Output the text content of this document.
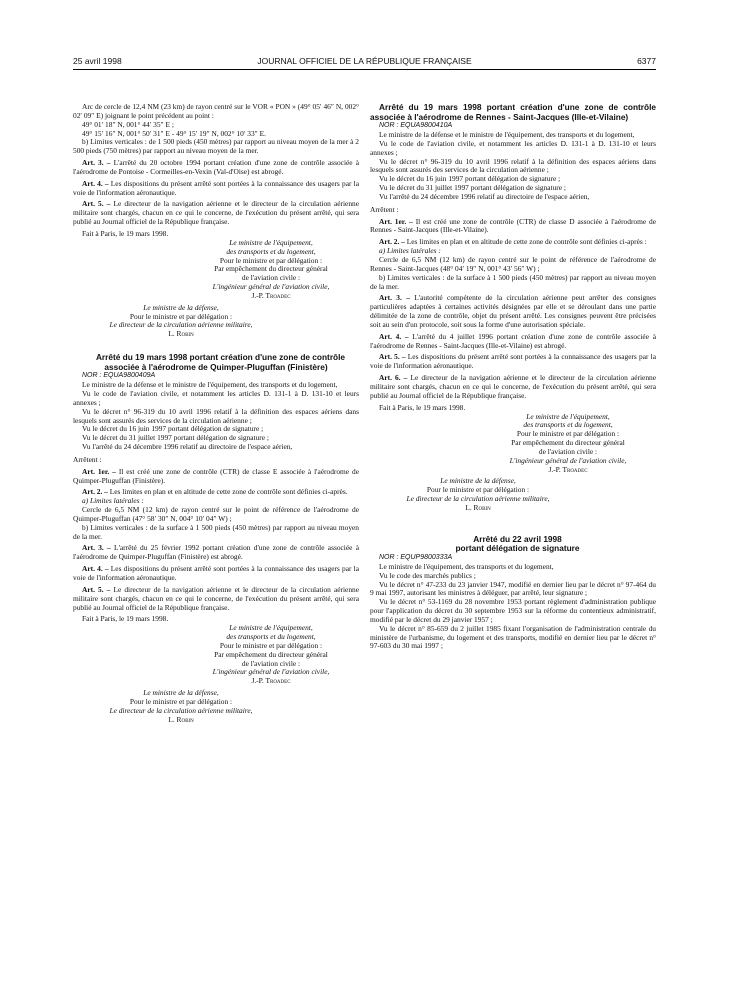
25 avril 1998	JOURNAL OFFICIEL DE LA RÉPUBLIQUE FRANÇAISE	6377

Arc de cercle de 12,4 NM (23 km) de rayon centré sur le VOR « PON » (49° 05′ 46″ N, 002° 02′ 09″ E) joignant le point précédent au point :

49° 01′ 18″ N, 001° 44′ 35″ E ;

49° 15′ 16″ N, 001° 50′ 31″ E - 49° 15′ 19″ N, 002° 10′ 33″ E.

b) Limites verticales : de 1 500 pieds (450 mètres) par rapport au niveau moyen de la mer à 2 500 pieds (750 mètres) par rapport au niveau moyen de la mer.

Art. 3. – L'arrêté du 20 octobre 1994 portant création d'une zone de contrôle associée à l'aérodrome de Pontoise - Cormeilles-en-Vexin (Val-d'Oise) est abrogé.

Art. 4. – Les dispositions du présent arrêté sont portées à la connaissance des usagers par la voie de l'information aéronautique.

Art. 5. – Le directeur de la navigation aérienne et le directeur de la circulation aérienne militaire sont chargés, chacun en ce qui le concerne, de l'exécution du présent arrêté, qui sera publié au Journal officiel de la République française.

Fait à Paris, le 19 mars 1998.

Le ministre de l'équipement,

des transports et du logement,

Pour le ministre et par délégation :

Par empêchement du directeur général

de l'aviation civile :

L'ingénieur général de l'aviation civile,

J.-P. Troadec

Le ministre de la défense,

Pour le ministre et par délégation :

Le directeur de la circulation aérienne militaire,

L. Robin

Arrêté du 19 mars 1998 portant création d'une zone de contrôle associée à l'aérodrome de Quimper-Pluguffan (Finistère)

NOR : EQUA9800409A

Le ministre de la défense et le ministre de l'équipement, des transports et du logement,

Vu le code de l'aviation civile, et notamment les articles D. 131-1 à D. 131-10 et leurs annexes ;

Vu le décret n° 96-319 du 10 avril 1996 relatif à la définition des espaces aériens dans lesquels sont assurés des services de la circulation aérienne ;

Vu le décret du 16 juin 1997 portant délégation de signature ;

Vu le décret du 31 juillet 1997 portant délégation de signature ;

Vu l'arrêté du 24 décembre 1996 relatif au directoire de l'espace aérien,

Arrêtent :

Art. 1er. – Il est créé une zone de contrôle (CTR) de classe E associée à l'aérodrome de Quimper-Pluguffan (Finistère).

Art. 2. – Les limites en plan et en altitude de cette zone de contrôle sont définies ci-après.

a) Limites latérales :

Cercle de 6,5 NM (12 km) de rayon centré sur le point de référence de l'aérodrome de Quimper-Pluguffan (47° 58′ 30″ N, 004° 10′ 04″ W) ;

b) Limites verticales : de la surface à 1 500 pieds (450 mètres) par rapport au niveau moyen de la mer.

Art. 3. – L'arrêté du 25 février 1992 portant création d'une zone de contrôle associée à l'aérodrome de Quimper-Pluguffan (Finistère) est abrogé.

Art. 4. – Les dispositions du présent arrêté sont portées à la connaissance des usagers par la voie de l'information aéronautique.

Art. 5. – Le directeur de la navigation aérienne et le directeur de la circulation aérienne militaire sont chargés, chacun en ce qui le concerne, de l'exécution du présent arrêté, qui sera publié au Journal officiel de la République française.

Fait à Paris, le 19 mars 1998.

Le ministre de l'équipement,

des transports et du logement,

Pour le ministre et par délégation :

Par empêchement du directeur général

de l'aviation civile :

L'ingénieur général de l'aviation civile,

J.-P. Troadec

Le ministre de la défense,

Pour le ministre et par délégation :

Le directeur de la circulation aérienne militaire,

L. Robin

Arrêté du 19 mars 1998 portant création d'une zone de contrôle associée à l'aérodrome de Rennes - Saint-Jacques (Ille-et-Vilaine)

NOR : EQUA9800410A

Le ministre de la défense et le ministre de l'équipement, des transports et du logement,

Vu le code de l'aviation civile, et notamment les articles D. 131-1 à D. 131-10 et leurs annexes ;

Vu le décret n° 96-319 du 10 avril 1996 relatif à la définition des espaces aériens dans lesquels sont assurés des services de la circulation aérienne ;

Vu le décret du 16 juin 1997 portant délégation de signature ;

Vu le décret du 31 juillet 1997 portant délégation de signature ;

Vu l'arrêté du 24 décembre 1996 relatif au directoire de l'espace aérien,

Arrêtent :

Art. 1er. – Il est créé une zone de contrôle (CTR) de classe D associée à l'aérodrome de Rennes - Saint-Jacques (Ille-et-Vilaine).

Art. 2. – Les limites en plan et en altitude de cette zone de contrôle sont définies ci-après :

a) Limites latérales :

Cercle de 6,5 NM (12 km) de rayon centré sur le point de référence de l'aérodrome de Rennes - Saint-Jacques (48° 04′ 19″ N, 001° 43′ 56″ W) ;

b) Limites verticales : de la surface à 1 500 pieds (450 mètres) par rapport au niveau moyen de la mer.

Art. 3. – L'autorité compétente de la circulation aérienne peut arrêter des consignes particulières adaptées à certaines activités désignées par elle et se déroulant dans une partie délimitée de la zone de contrôle, objet du présent arrêté. Les consignes peuvent être précisées soit au sein d'un protocole, soit sous la forme d'une autorisation spéciale.

Art. 4. – L'arrêté du 4 juillet 1996 portant création d'une zone de contrôle associée à l'aérodrome de Rennes - Saint-Jacques (Ille-et-Vilaine) est abrogé.

Art. 5. – Les dispositions du présent arrêté sont portées à la connaissance des usagers par la voie de l'information aéronautique.

Art. 6. – Le directeur de la navigation aérienne et le directeur de la circulation aérienne militaire sont chargés, chacun en ce qui le concerne, de l'exécution du présent arrêté, qui sera publié au Journal officiel de la République française.

Fait à Paris, le 19 mars 1998.

Le ministre de l'équipement,

des transports et du logement,

Pour le ministre et par délégation :

Par empêchement du directeur général

de l'aviation civile :

L'ingénieur général de l'aviation civile,

J.-P. Troadec

Le ministre de la défense,

Pour le ministre et par délégation :

Le directeur de la circulation aérienne militaire,

L. Robin

Arrêté du 22 avril 1998

portant délégation de signature

NOR : EQUP9800333A

Le ministre de l'équipement, des transports et du logement,

Vu le code des marchés publics ;

Vu le décret n° 47-233 du 23 janvier 1947, modifié en dernier lieu par le décret n° 97-464 du 9 mai 1997, autorisant les ministres à déléguer, par arrêté, leur signature ;

Vu le décret n° 53-1169 du 28 novembre 1953 portant règlement d'administration publique pour l'application du décret du 30 septembre 1953 sur la réforme du contentieux administratif, modifié par le décret du 29 janvier 1957 ;

Vu le décret n° 85-659 du 2 juillet 1985 fixant l'organisation de l'administration centrale du ministère de l'urbanisme, du logement et des transports, modifié en dernier lieu par le décret n° 97-603 du 30 mai 1997 ;
